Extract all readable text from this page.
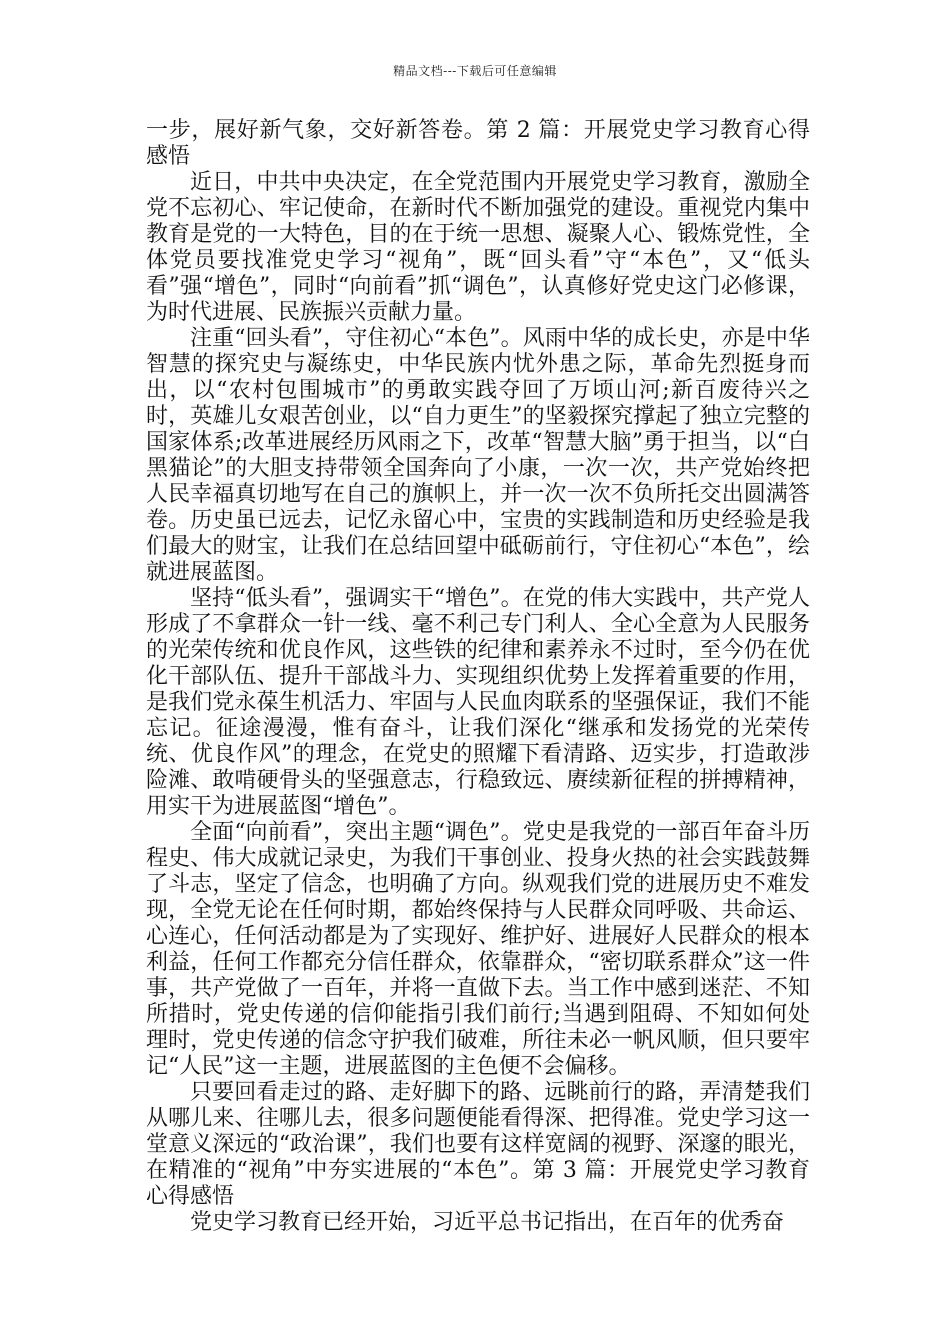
精品文档---下载后可任意编辑

一步，展好新气象，交好新答卷。第 2 篇：开展党史学习教育心得感悟

近日，中共中央决定，在全党范围内开展党史学习教育，激励全党不忘初心、牢记使命，在新时代不断加强党的建设。重视党内集中教育是党的一大特色，目的在于统一思想、凝聚人心、锻炼党性，全体党员要找准党史学习“视角”，既“回头看”守“本色”，又“低头看”强“增色”，同时“向前看”抓“调色”，认真修好党史这门必修课，为时代进展、民族振兴贡献力量。

注重“回头看”，守住初心“本色”。风雨中华的成长史，亦是中华智慧的探究史与凝练史，中华民族内忧外患之际，革命先烈挺身而出，以“农村包围城市”的勇敢实践夺回了万顷山河;新百废待兴之时，英雄儿女艰苦创业，以“自力更生”的坚毅探究撑起了独立完整的国家体系;改革进展经历风雨之下，改革“智慧大脑”勇于担当，以“白黑猫论”的大胆支持带领全国奔向了小康，一次一次，共产党始终把人民幸福真切地写在自己的旗帜上，并一次一次不负所托交出圆满答卷。历史虽已远去，记忆永留心中，宝贵的实践制造和历史经验是我们最大的财宝，让我们在总结回望中砥砺前行，守住初心“本色”，绘就进展蓝图。

坚持“低头看”，强调实干“增色”。在党的伟大实践中，共产党人形成了不拿群众一针一线、毫不利己专门利人、全心全意为人民服务的光荣传统和优良作风，这些铁的纪律和素养永不过时，至今仍在优化干部队伍、提升干部战斗力、实现组织优势上发挥着重要的作用，是我们党永葆生机活力、牢固与人民血肉联系的坚强保证，我们不能忘记。征途漫漫，惟有奋斗，让我们深化“继承和发扬党的光荣传统、优良作风”的理念，在党史的照耀下看清路、迈实步，打造敢涉险滩、敢啃硬骨头的坚强意志，行稳致远、赓续新征程的拼搏精神，用实干为进展蓝图“增色”。

全面“向前看”，突出主题“调色”。党史是我党的一部百年奋斗历程史、伟大成就记录史，为我们干事创业、投身火热的社会实践鼓舞了斗志，坚定了信念，也明确了方向。纵观我们党的进展历史不难发现，全党无论在任何时期，都始终保持与人民群众同呼吸、共命运、心连心，任何活动都是为了实现好、维护好、进展好人民群众的根本利益，任何工作都充分信任群众，依靠群众，“密切联系群众”这一件事，共产党做了一百年，并将一直做下去。当工作中感到迷茫、不知所措时，党史传递的信仰能指引我们前行;当遇到阻碍、不知如何处理时，党史传递的信念守护我们破难，所往未必一帆风顺，但只要牢记“人民”这一主题，进展蓝图的主色便不会偏移。

只要回看走过的路、走好脚下的路、远眺前行的路，弄清楚我们从哪儿来、往哪儿去，很多问题便能看得深、把得准。党史学习这一堂意义深远的“政治课”，我们也要有这样宽阔的视野、深邃的眼光，在精准的“视角”中夯实进展的“本色”。第 3 篇：开展党史学习教育心得感悟

党史学习教育已经开始，习近平总书记指出，在百年的优秀奋
